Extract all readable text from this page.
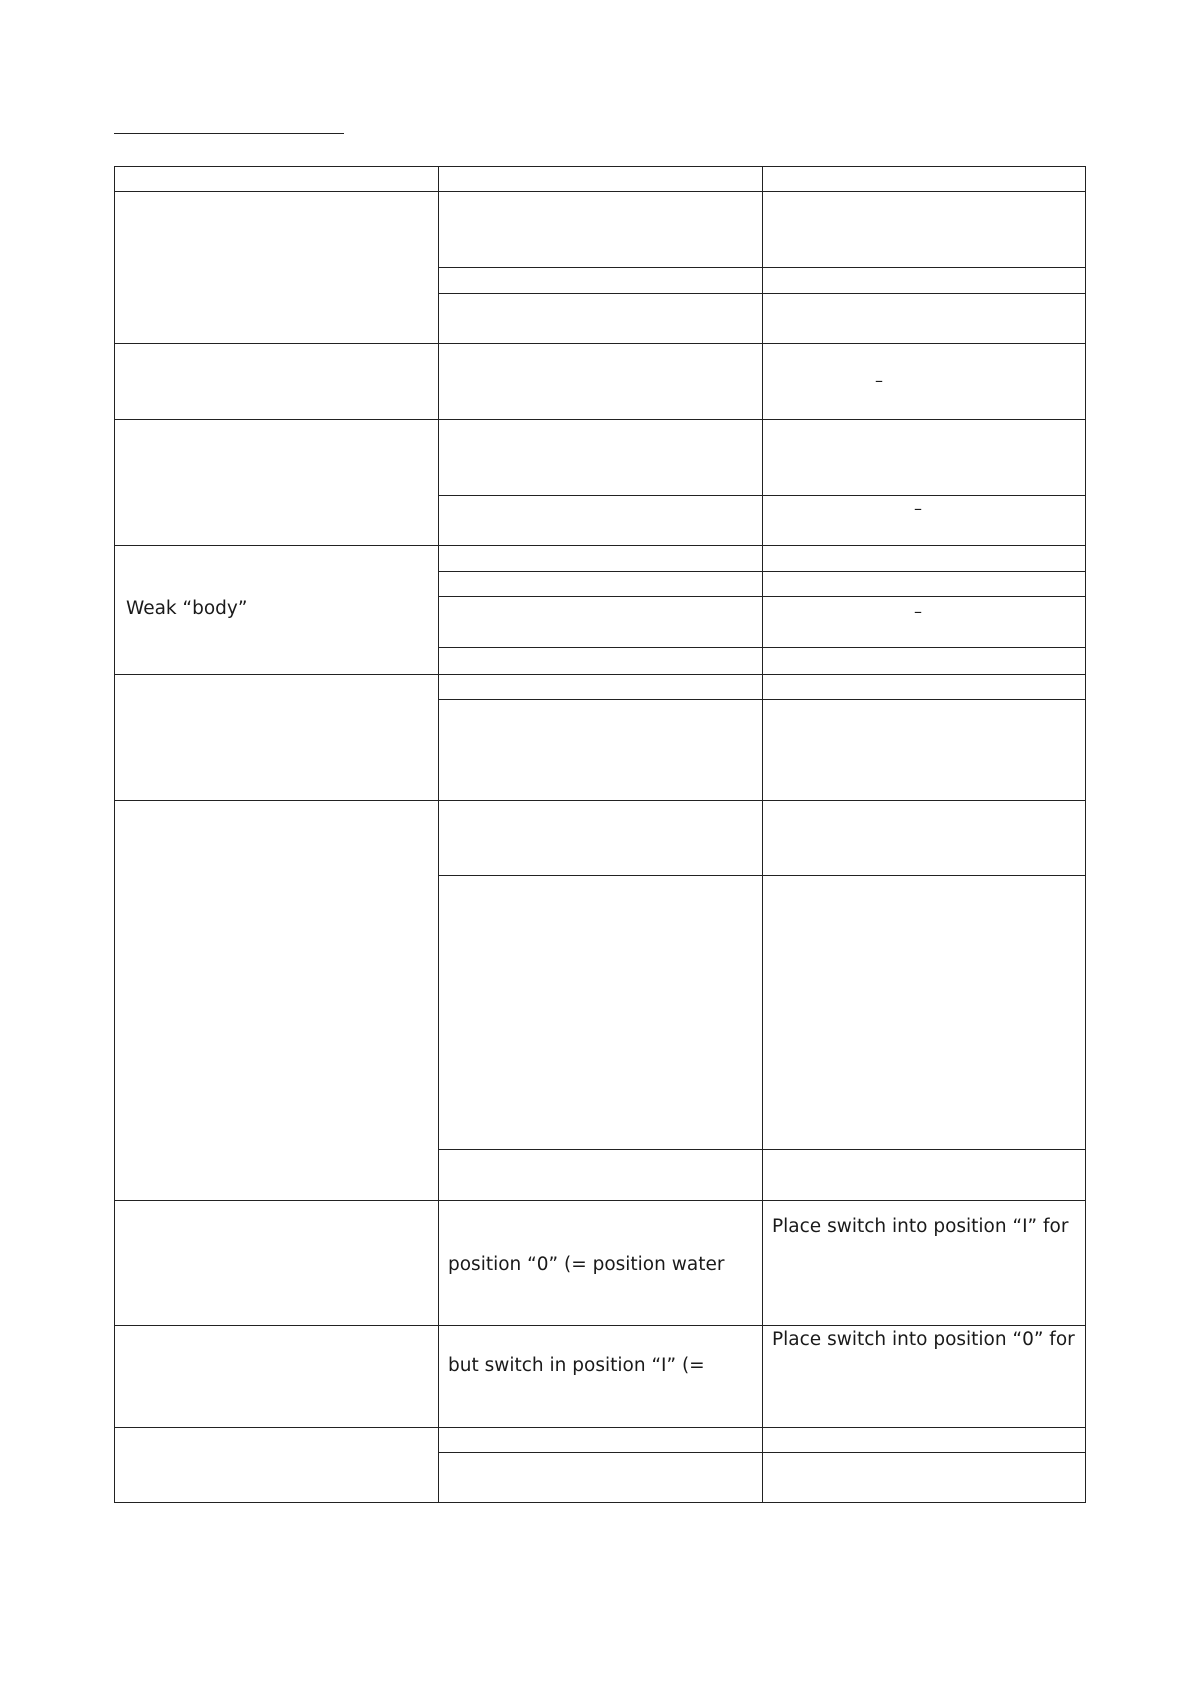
–
–
Weak “body”	–
Place switch into position “I” for
position “0” (= position water
Place switch into position “0” for
but switch in position “I” (=
